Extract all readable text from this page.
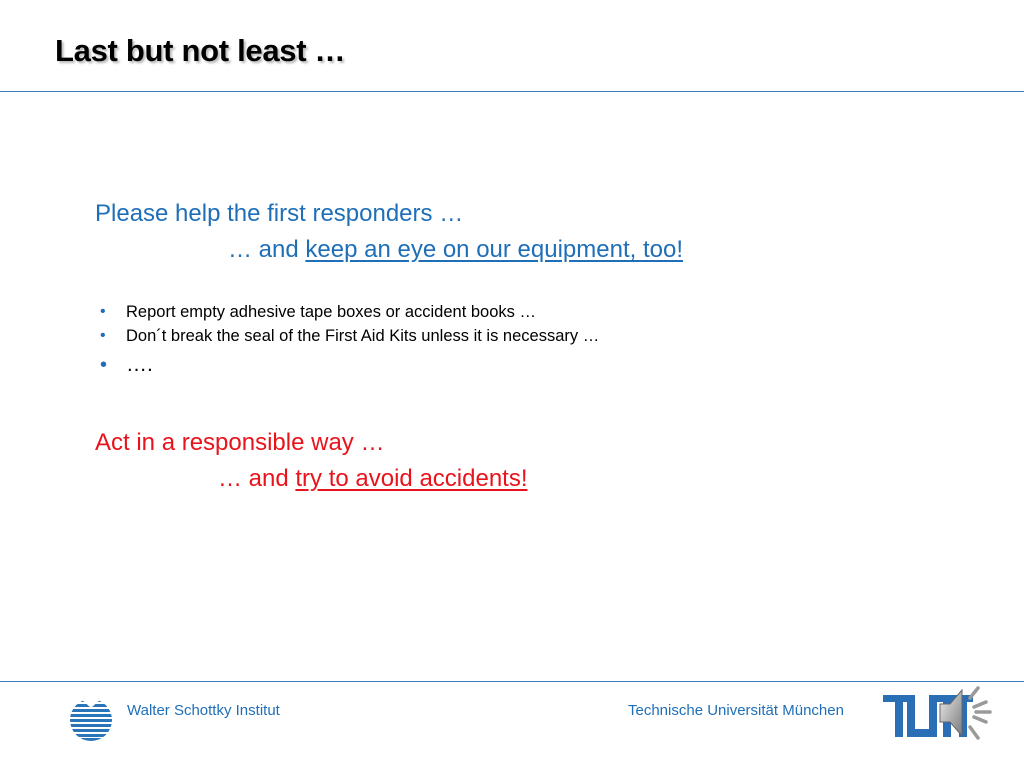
Last but not least …

Please help the first responders …

… and keep an eye on our equipment, too!

• Report empty adhesive tape boxes or accident books …
• Don´t break the seal of the First Aid Kits unless it is necessary …
• ….

Act in a responsible way …

… and try to avoid accidents!

Walter Schottky Institut	Technische Universität München
